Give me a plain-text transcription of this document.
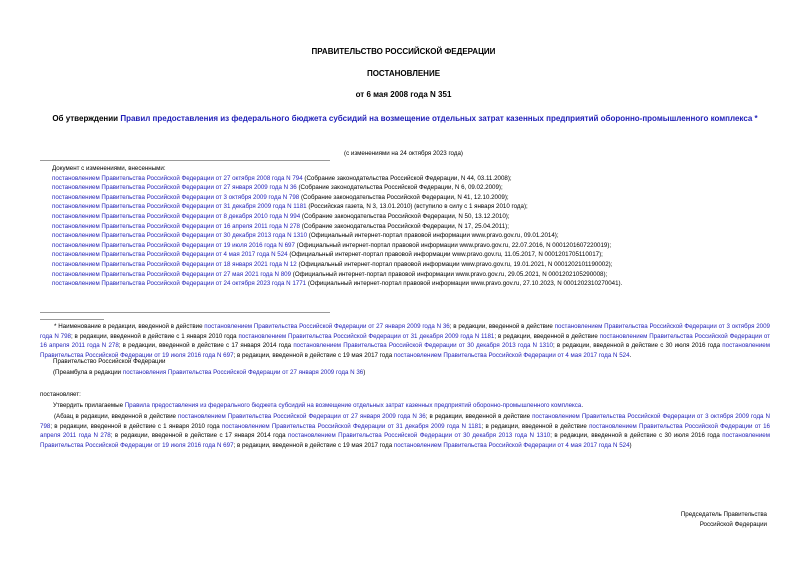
ПРАВИТЕЛЬСТВО РОССИЙСКОЙ ФЕДЕРАЦИИ
ПОСТАНОВЛЕНИЕ
от 6 мая 2008 года N 351
Об утверждении Правил предоставления из федерального бюджета субсидий на возмещение отдельных затрат казенных предприятий оборонно-промышленного комплекса *
(с изменениями на 24 октября 2023 года)
Документ с изменениями, внесенными:
постановлением Правительства Российской Федерации от 27 октября 2008 года N 794 (Собрание законодательства Российской Федерации, N 44, 03.11.2008);
постановлением Правительства Российской Федерации от 27 января 2009 года N 36 (Собрание законодательства Российской Федерации, N 6, 09.02.2009);
постановлением Правительства Российской Федерации от 3 октября 2009 года N 798 (Собрание законодательства Российской Федерации, N 41, 12.10.2009);
постановлением Правительства Российской Федерации от 31 декабря 2009 года N 1181 (Российская газета, N 3, 13.01.2010) (вступило в силу с 1 января 2010 года);
постановлением Правительства Российской Федерации от 8 декабря 2010 года N 994 (Собрание законодательства Российской Федерации, N 50, 13.12.2010);
постановлением Правительства Российской Федерации от 16 апреля 2011 года N 278 (Собрание законодательства Российской Федерации, N 17, 25.04.2011);
постановлением Правительства Российской Федерации от 30 декабря 2013 года N 1310 (Официальный интернет-портал правовой информации www.pravo.gov.ru, 09.01.2014);
постановлением Правительства Российской Федерации от 19 июля 2016 года N 697 (Официальный интернет-портал правовой информации www.pravo.gov.ru, 22.07.2016, N 0001201607220019);
постановлением Правительства Российской Федерации от 4 мая 2017 года N 524 (Официальный интернет-портал правовой информации www.pravo.gov.ru, 11.05.2017, N 0001201705110017);
постановлением Правительства Российской Федерации от 18 января 2021 года N 12 (Официальный интернет-портал правовой информации www.pravo.gov.ru, 19.01.2021, N 0001202101190002);
постановлением Правительства Российской Федерации от 27 мая 2021 года N 809 (Официальный интернет-портал правовой информации www.pravo.gov.ru, 29.05.2021, N 0001202105290008);
постановлением Правительства Российской Федерации от 24 октября 2023 года N 1771 (Официальный интернет-портал правовой информации www.pravo.gov.ru, 27.10.2023, N 0001202310270041).
* Наименование в редакции, введенной в действие постановлением Правительства Российской Федерации от 27 января 2009 года N 36; в редакции, введенной в действие постановлением Правительства Российской Федерации от 3 октября 2009 года N 798; в редакции, введенной в действие с 1 января 2010 года постановлением Правительства Российской Федерации от 31 декабря 2009 года N 1181; в редакции, введенной в действие постановлением Правительства Российской Федерации от 16 апреля 2011 года N 278; в редакции, введенной в действие с 17 января 2014 года постановлением Правительства Российской Федерации от 30 декабря 2013 года N 1310; в редакции, введенной в действие с 30 июля 2016 года постановлением Правительства Российской Федерации от 19 июля 2016 года N 697; в редакции, введенной в действие с 19 мая 2017 года постановлением Правительства Российской Федерации от 4 мая 2017 года N 524.
Правительство Российской Федерации
(Преамбула в редакции постановления Правительства Российской Федерации от 27 января 2009 года N 36)
постановляет:
Утвердить прилагаемые Правила предоставления из федерального бюджета субсидий на возмещение отдельных затрат казенных предприятий оборонно-промышленного комплекса.
(Абзац в редакции, введенной в действие постановлением Правительства Российской Федерации от 27 января 2009 года N 36; в редакции, введенной в действие постановлением Правительства Российской Федерации от 3 октября 2009 года N 798; в редакции, введенной в действие с 1 января 2010 года постановлением Правительства Российской Федерации от 31 декабря 2009 года N 1181; в редакции, введенной в действие постановлением Правительства Российской Федерации от 16 апреля 2011 года N 278; в редакции, введенной в действие с 17 января 2014 года постановлением Правительства Российской Федерации от 30 декабря 2013 года N 1310; в редакции, введенной в действие с 30 июля 2016 года постановлением Правительства Российской Федерации от 19 июля 2016 года N 697; в редакции, введенной в действие с 19 мая 2017 года постановлением Правительства Российской Федерации от 4 мая 2017 года N 524)
Председатель Правительства
Российской Федерации
